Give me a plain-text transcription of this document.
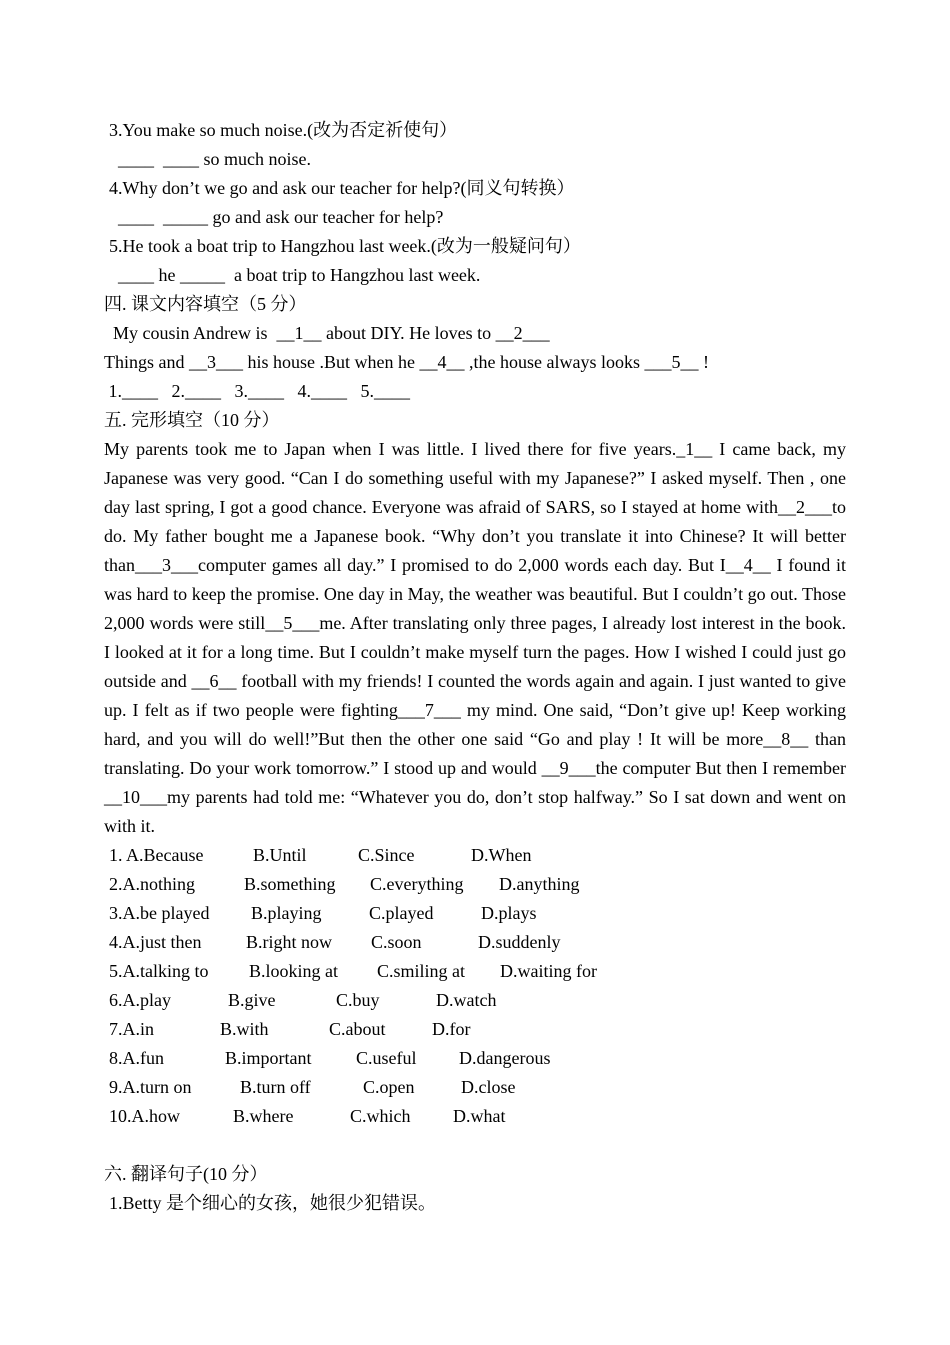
3.You make so much noise.(改为否定祈使句）
____  ____ so much noise.
4.Why don’t we go and ask our teacher for help?(同义句转换）
____  _____ go and ask our teacher for help?
5.He took a boat trip to Hangzhou last week.(改为一般疑问句）
____ he _____  a boat trip to Hangzhou last week.
四. 课文内容填空（5 分）
My cousin Andrew is  __1__ about DIY. He loves to __2___
Things and __3___ his house .But when he __4__ ,the house always looks ___5__ !
1.____   2.____   3.____   4.____   5.____
五. 完形填空（10 分）
My parents took me to Japan when I was little. I lived there for five years._1__ I came back, my Japanese was very good. “Can I do something useful with my Japanese?” I asked myself. Then , one day last spring, I got a good chance. Everyone was afraid of SARS, so I stayed at home with__2___to do. My father bought me a Japanese book. “Why don’t you translate it into Chinese? It will better than___3___computer games all day.” I promised to do 2,000 words each day. But I__4__ I found it was hard to keep the promise. One day in May, the weather was beautiful. But I couldn’t go out. Those 2,000 words were still__5___me. After translating only three pages, I already lost interest in the book. I looked at it for a long time. But I couldn’t make myself turn the pages. How I wished I could just go outside and __6__ football with my friends! I counted the words again and again. I just wanted to give up. I felt as if two people were fighting___7___ my mind. One said, “Don’t give up! Keep working hard, and you will do well!”But then the other one said “Go and play ! It will be more__8__ than translating. Do your work tomorrow.” I stood up and would __9___the computer But then I remember __10___my parents had told me: “Whatever you do, don’t stop halfway.” So I sat down and went on with it.
1. A.Because	B.Until	C.Since	D.When
2.A.nothing	B.something	C.everything	D.anything
3.A.be played	B.playing	C.played	D.plays
4.A.just then	B.right now	C.soon	D.suddenly
5.A.talking to	B.looking at	C.smiling at	D.waiting for
6.A.play	B.give	C.buy	D.watch
7.A.in	B.with	C.about	D.for
8.A.fun	B.important	C.useful	D.dangerous
9.A.turn on	B.turn off	C.open	D.close
10.A.how	B.where	C.which	D.what
六. 翻译句子(10 分）
1.Betty 是个细心的女孩，她很少犯错误。
